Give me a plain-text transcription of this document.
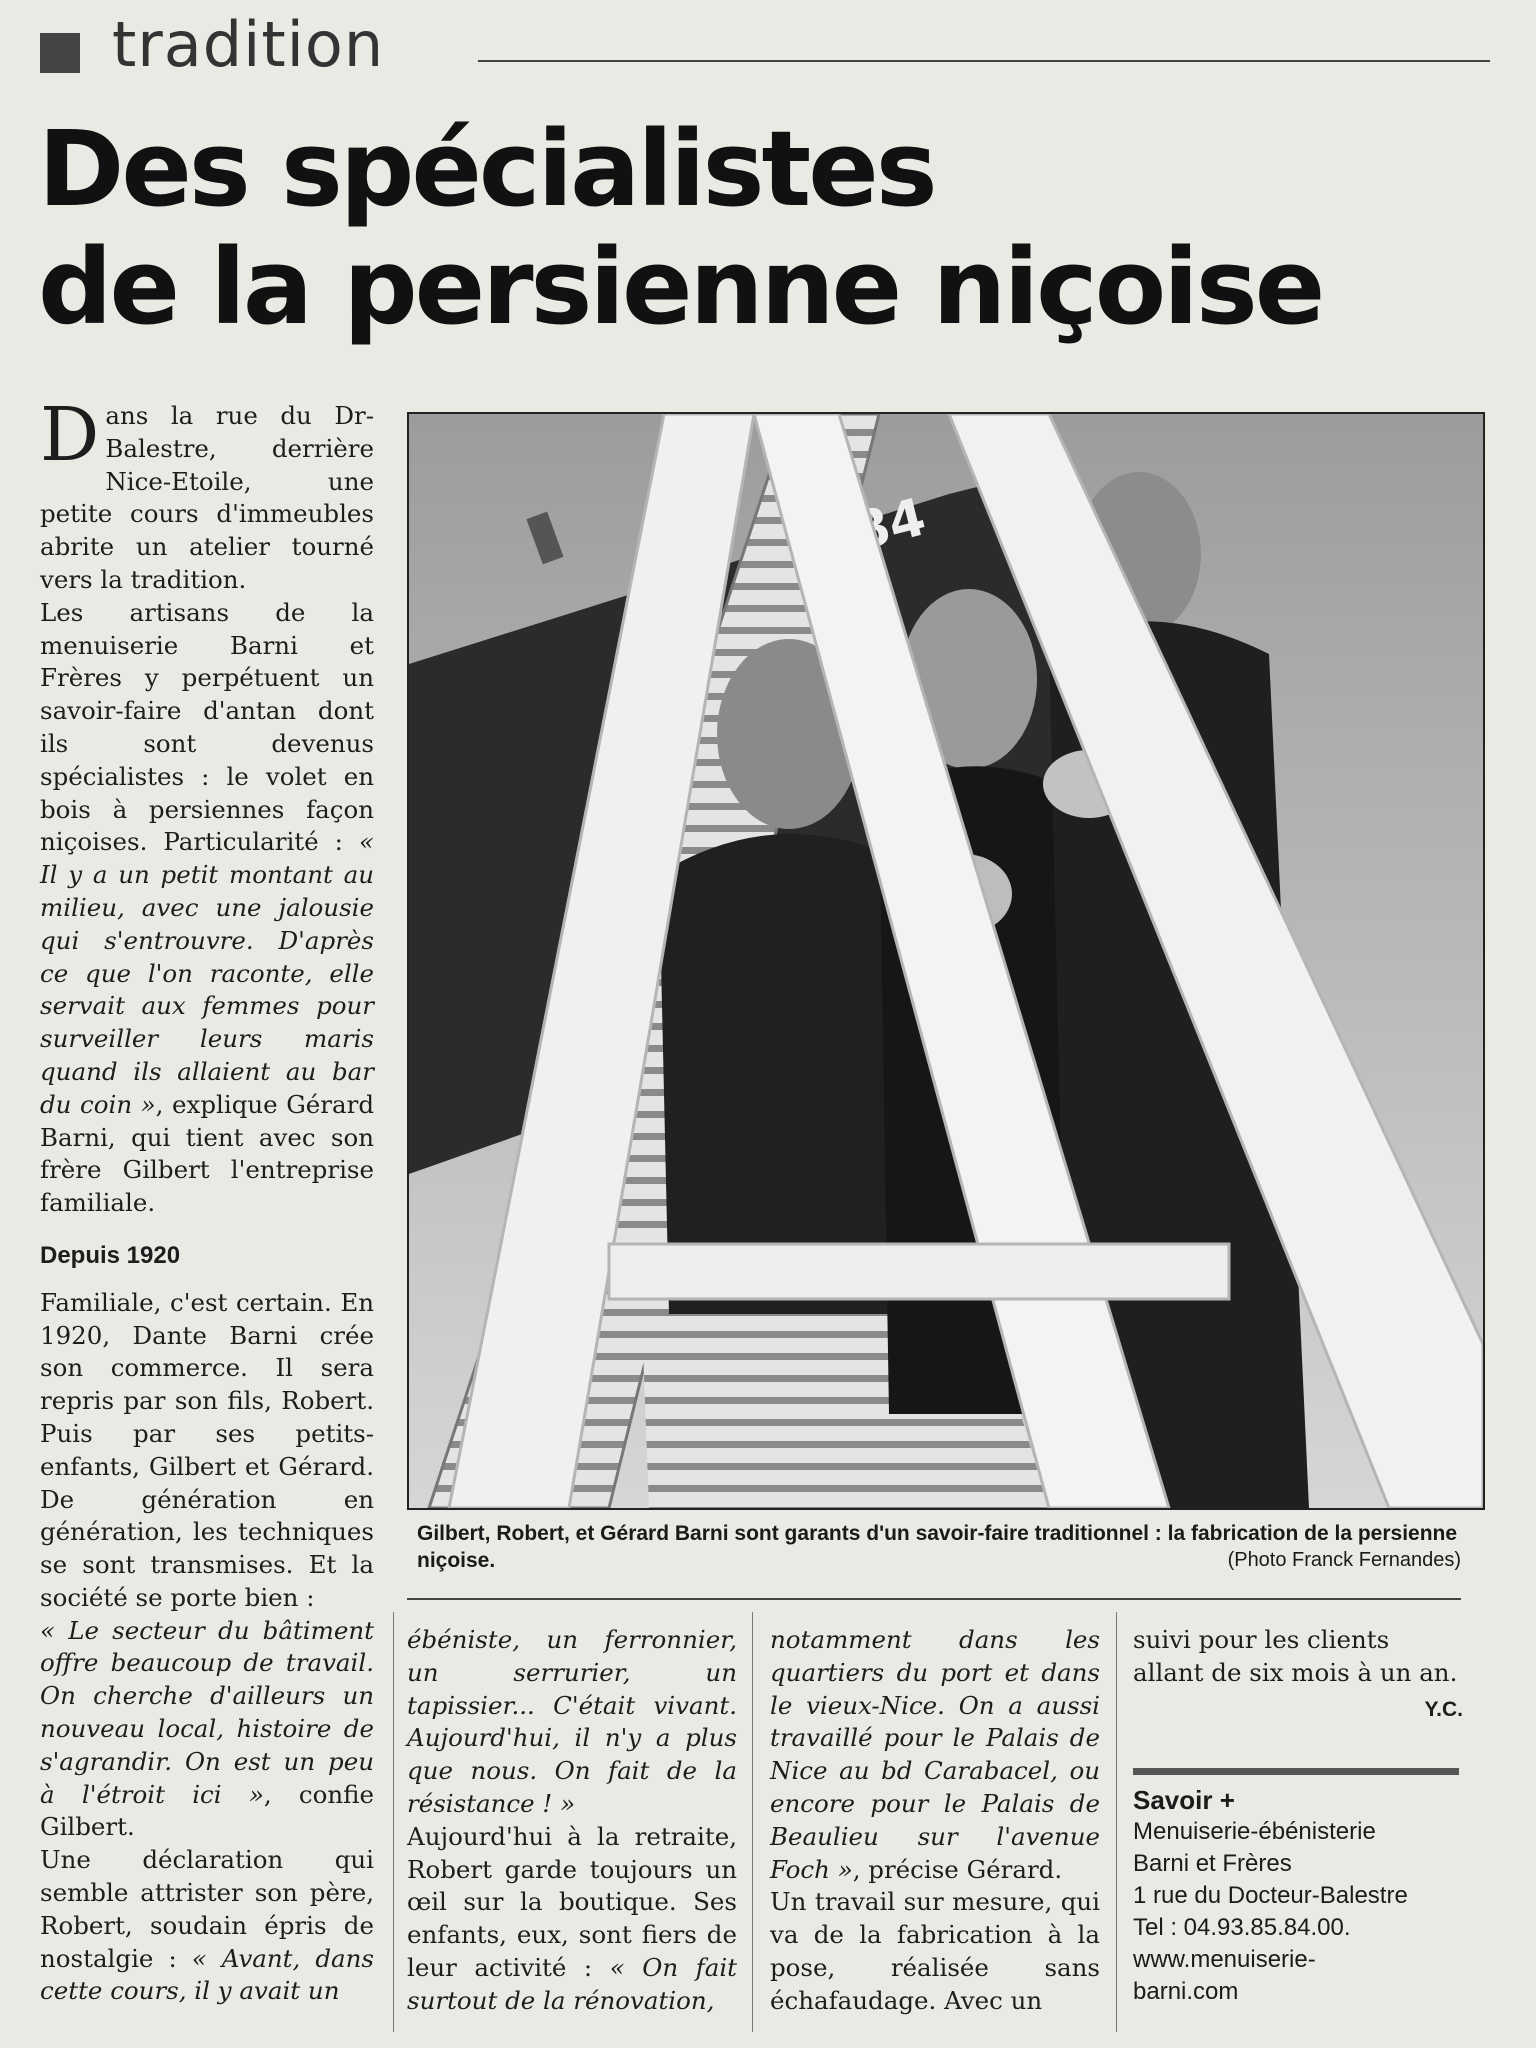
tradition
Des spécialistes
de la persienne niçoise

Dans la rue du Dr-Balestre, derrière Nice-Etoile, une petite cours d'immeubles abrite un atelier tourné vers la tradition.

Les artisans de la menuiserie Barni et Frères y perpétuent un savoir-faire d'antan dont ils sont devenus spécialistes : le volet en bois à persiennes façon niçoises. Particularité : « Il y a un petit montant au milieu, avec une jalousie qui s'entrouvre. D'après ce que l'on raconte, elle servait aux femmes pour surveiller leurs maris quand ils allaient au bar du coin », explique Gérard Barni, qui tient avec son frère Gilbert l'entreprise familiale.

Depuis 1920

Familiale, c'est certain. En 1920, Dante Barni crée son commerce. Il sera repris par son fils, Robert. Puis par ses petits-enfants, Gilbert et Gérard. De génération en génération, les techniques se sont transmises. Et la société se porte bien :

« Le secteur du bâtiment offre beaucoup de travail. On cherche d'ailleurs un nouveau local, histoire de s'agrandir. On est un peu à l'étroit ici », confie Gilbert.

Une déclaration qui semble attrister son père, Robert, soudain épris de nostalgie : « Avant, dans cette cours, il y avait un

Gilbert, Robert, et Gérard Barni sont garants d'un savoir-faire traditionnel : la fabrication de la persienne niçoise.	(Photo Franck Fernandes)

ébéniste, un ferronnier, un serrurier, un tapissier... C'était vivant. Aujourd'hui, il n'y a plus que nous. On fait de la résistance ! »

Aujourd'hui à la retraite, Robert garde toujours un œil sur la boutique. Ses enfants, eux, sont fiers de leur activité : « On fait surtout de la rénovation,

notamment dans les quartiers du port et dans le vieux-Nice. On a aussi travaillé pour le Palais de Nice au bd Carabacel, ou encore pour le Palais de Beaulieu sur l'avenue Foch », précise Gérard.

Un travail sur mesure, qui va de la fabrication à la pose, réalisée sans échafaudage. Avec un

suivi pour les clients allant de six mois à un an.

Y.C.
Savoir +
Menuiserie-ébénisterie
Barni et Frères
1 rue du Docteur-Balestre
Tel : 04.93.85.84.00.
www.menuiserie-
barni.com
